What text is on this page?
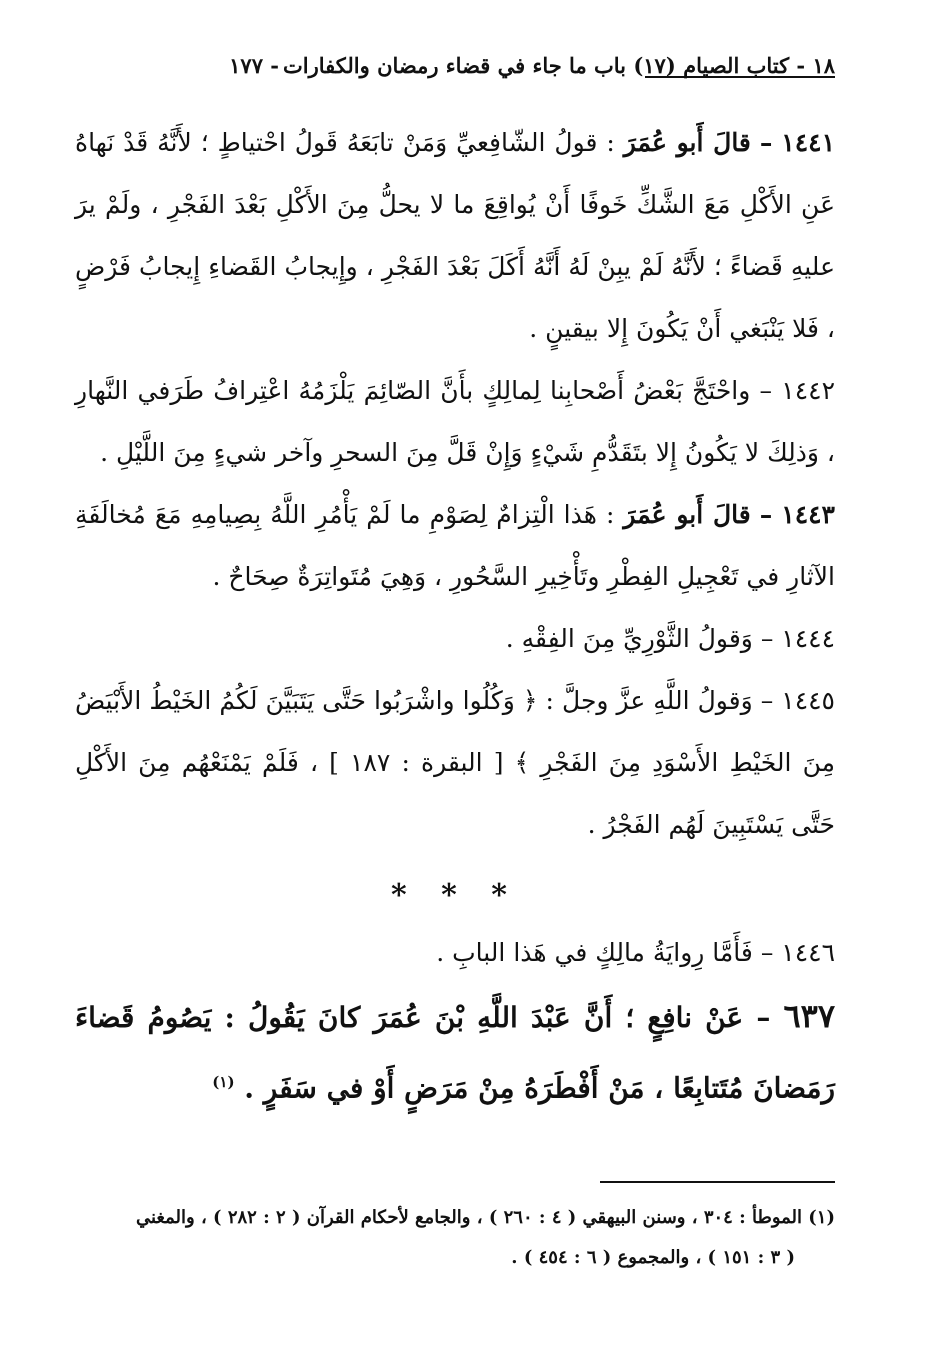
١٨ - كتاب الصيام (١٧) باب ما جاء في قضاء رمضان والكفارات
- ١٧٧

١٤٤١ – قالَ أَبو عُمَرَ : قولُ الشّافِعيِّ وَمَنْ تابَعَهُ قَولُ احْتياطٍ ؛ لأَنَّهُ قَدْ نَهاهُ عَنِ الأَكْلِ مَعَ الشَّكِّ خَوفًا أَنْ يُواقِعَ ما لا يحلُّ مِنَ الأَكْلِ بَعْدَ الفَجْرِ ، ولَمْ يرَ عليهِ قَضاءً ؛ لأَنَّهُ لَمْ يبِنْ لَهُ أَنَّهُ أَكَلَ بَعْدَ الفَجْرِ ، وإِيجابُ القَضاءِ إِيجابُ فَرْضٍ ، فَلا يَنْبَغي أَنْ يَكُونَ إِلا بيقينٍ .

١٤٤٢ – واحْتَجَّ بَعْضُ أَصْحابِنا لِمالِكٍ بأَنَّ الصّائِمَ يَلْزَمُهُ اعْتِرافُ طَرَفي النَّهارِ ، وَذلِكَ لا يَكُونُ إِلا بتَقَدُّمِ شَيْءٍ وَإِنْ قَلَّ مِنَ السحرِ وآخر شيءٍ مِنَ اللَّيْلِ .

١٤٤٣ – قالَ أَبو عُمَرَ : هَذا الْتِزامٌ لِصَوْمِ ما لَمْ يَأْمُرِ اللَّهُ بِصِيامِهِ مَعَ مُخالَفَةِ الآثارِ في تَعْجِيلِ الفِطْرِ وتَأْخِيرِ السَّحُورِ ، وَهِيَ مُتَواتِرَةٌ صِحَاحٌ .

١٤٤٤ – وَقولُ الثَّوْرِيِّ مِنَ الفِقْهِ .

١٤٤٥ – وَقولُ اللَّهِ عزَّ وجلَّ : ﴿ وَكُلُوا واشْرَبُوا حَتَّى يَتَبَيَّنَ لَكُمُ الخَيْطُ الأَبْيَضُ مِنَ الخَيْطِ الأَسْوَدِ مِنَ الفَجْرِ ﴾ [ البقرة : ١٨٧ ] ، فَلَمْ يَمْنَعْهُم مِنَ الأَكْلِ حَتَّى يَسْتَبِينَ لَهُم الفَجْرُ .

* * *

١٤٤٦ – فَأَمَّا رِوايَةُ مالِكٍ في هَذا البابِ .

٦٣٧ – عَنْ نافِعٍ ؛ أَنَّ عَبْدَ اللَّهِ بْنَ عُمَرَ كانَ يَقُولُ : يَصُومُ قَضاءَ رَمَضانَ مُتَتابِعًا ، مَنْ أَفْطَرَهُ مِنْ مَرَضٍ أَوْ في سَفَرٍ . $^{(١)}$

(١) الموطأ : ٣٠٤ ، وسنن البيهقي ( ٤ : ٢٦٠ ) ، والجامع لأحكام القرآن ( ٢ : ٢٨٢ ) ، والمغني

( ٣ : ١٥١ ) ، والمجموع ( ٦ : ٤٥٤ ) .
